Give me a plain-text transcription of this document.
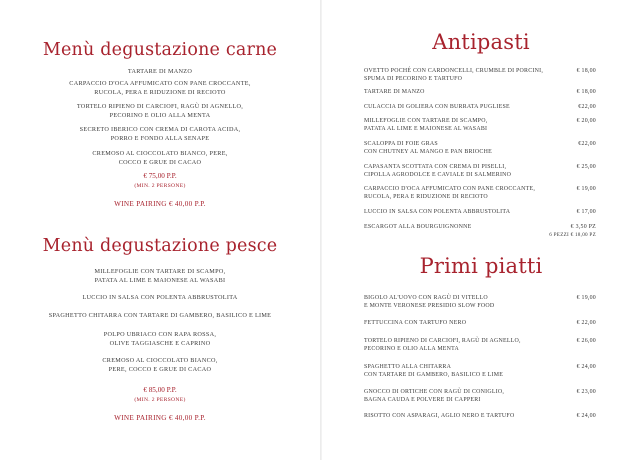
Menù degustazione carne

TARTARE DI MANZO

CARPACCIO D'OCA AFFUMICATO CON PANE CROCCANTE,
RUCOLA, PERA E RIDUZIONE DI RECIOTO

TORTELO RIPIENO DI CARCIOFI, RAGÙ DI AGNELLO,
PECORINO E OLIO ALLA MENTA

SECRETO IBERICO CON CREMA DI CAROTA ACIDA,
PORRO E FONDO ALLA SENAPE

CREMOSO AL CIOCCOLATO BIANCO, PERE,
COCCO E GRUE DI CACAO

€ 75,00 P.P.

(MIN. 2 PERSONE)

WINE PAIRING € 40,00 P.P.

Menù degustazione pesce

MILLEFOGLIE CON TARTARE DI SCAMPO,
PATATA AL LIME E MAIONESE AL WASABI

LUCCIO IN SALSA CON POLENTA ABBRUSTOLITA

SPAGHETTO CHITARRA CON TARTARE DI GAMBERO, BASILICO E LIME

POLPO UBRIACO CON RAPA ROSSA,
OLIVE TAGGIASCHE E CAPRINO

CREMOSO AL CIOCCOLATO BIANCO,
PERE, COCCO E GRUE DI CACAO

€ 85,00 P.P.

(MIN. 2 PERSONE)

WINE PAIRING € 40,00 P.P.

Antipasti
OVETTO POCHÉ CON CARDONCELLI, CRUMBLE DI PORCINI,
SPUMA DI PECORINO E TARTUFO
€ 18,00
TARTARE DI MANZO	€ 18,00
CULACCIA DI GOLIERA CON BURRATA PUGLIESE	€22,00
MILLEFOGLIE CON TARTARE DI SCAMPO,
PATATA AL LIME E MAIONESE AL WASABI
€ 20,00
SCALOPPA DI FOIE GRAS
CON CHUTNEY AL MANGO E PAN BRIOCHE
€22,00
CAPASANTA SCOTTATA CON CREMA DI PISELLI,
CIPOLLA AGRODOLCE E CAVIALE DI SALMERINO
€ 25,00
CARPACCIO D'OCA AFFUMICATO CON PANE CROCCANTE,
RUCOLA, PERA E RIDUZIONE DI RECIOTO
€ 19,00
LUCCIO IN SALSA CON POLENTA ABBRUSTOLITA	€ 17,00
ESCARGOT ALLA BOURGUIGNONNE	€ 3,50 PZ
6 PEZZI € 18,00 PZ
Primi piatti
BIGOLO AL'UOVO CON RAGÙ DI VITELLO
E MONTE VERONESE PRESIDIO SLOW FOOD
€ 19,00
FETTUCCINA CON TARTUFO NERO	€ 22,00
TORTELO RIPIENO DI CARCIOFI, RAGÙ DI AGNELLO,
PECORINO E OLIO ALLA MENTA
€ 26,00
SPAGHETTO ALLA CHITARRA
CON TARTARE DI GAMBERO, BASILICO E LIME
€ 24,00
GNOCCO DI ORTICHE CON RAGÙ DI CONIGLIO,
BAGNA CAUDA E POLVERE DI CAPPERI
€ 23,00
RISOTTO CON ASPARAGI, AGLIO NERO E TARTUFO	€ 24,00
